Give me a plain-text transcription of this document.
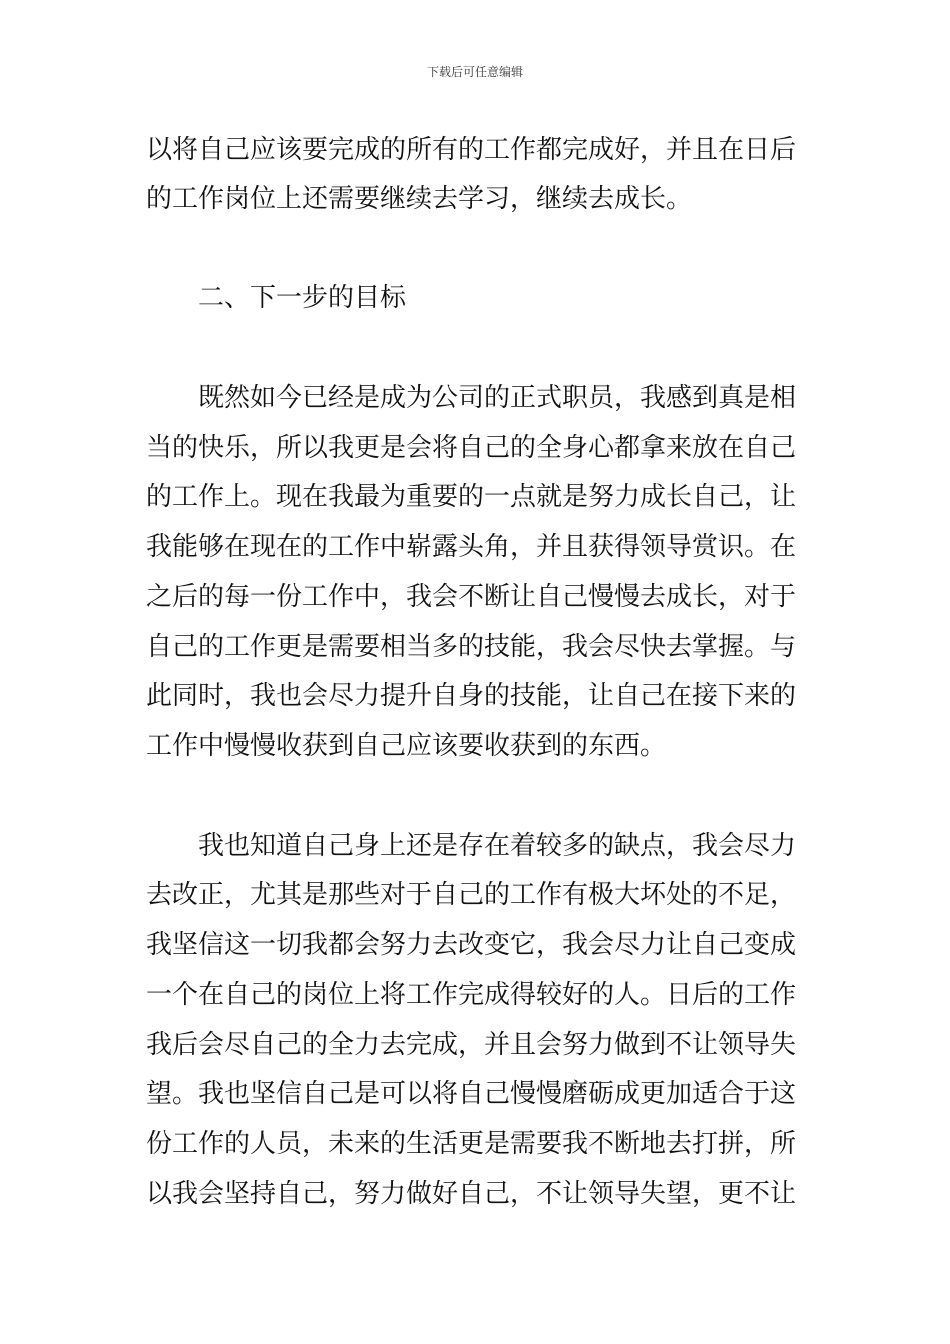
下载后可任意编辑
以将自己应该要完成的所有的工作都完成好，并且在日后
的工作岗位上还需要继续去学习，继续去成长。
二、下一步的目标
既然如今已经是成为公司的正式职员，我感到真是相
当的快乐，所以我更是会将自己的全身心都拿来放在自己
的工作上。现在我最为重要的一点就是努力成长自己，让
我能够在现在的工作中崭露头角，并且获得领导赏识。在
之后的每一份工作中，我会不断让自己慢慢去成长，对于
自己的工作更是需要相当多的技能，我会尽快去掌握。与
此同时，我也会尽力提升自身的技能，让自己在接下来的
工作中慢慢收获到自己应该要收获到的东西。
我也知道自己身上还是存在着较多的缺点，我会尽力
去改正，尤其是那些对于自己的工作有极大坏处的不足，
我坚信这一切我都会努力去改变它，我会尽力让自己变成
一个在自己的岗位上将工作完成得较好的人。日后的工作
我后会尽自己的全力去完成，并且会努力做到不让领导失
望。我也坚信自己是可以将自己慢慢磨砺成更加适合于这
份工作的人员，未来的生活更是需要我不断地去打拼，所
以我会坚持自己，努力做好自己，不让领导失望，更不让
